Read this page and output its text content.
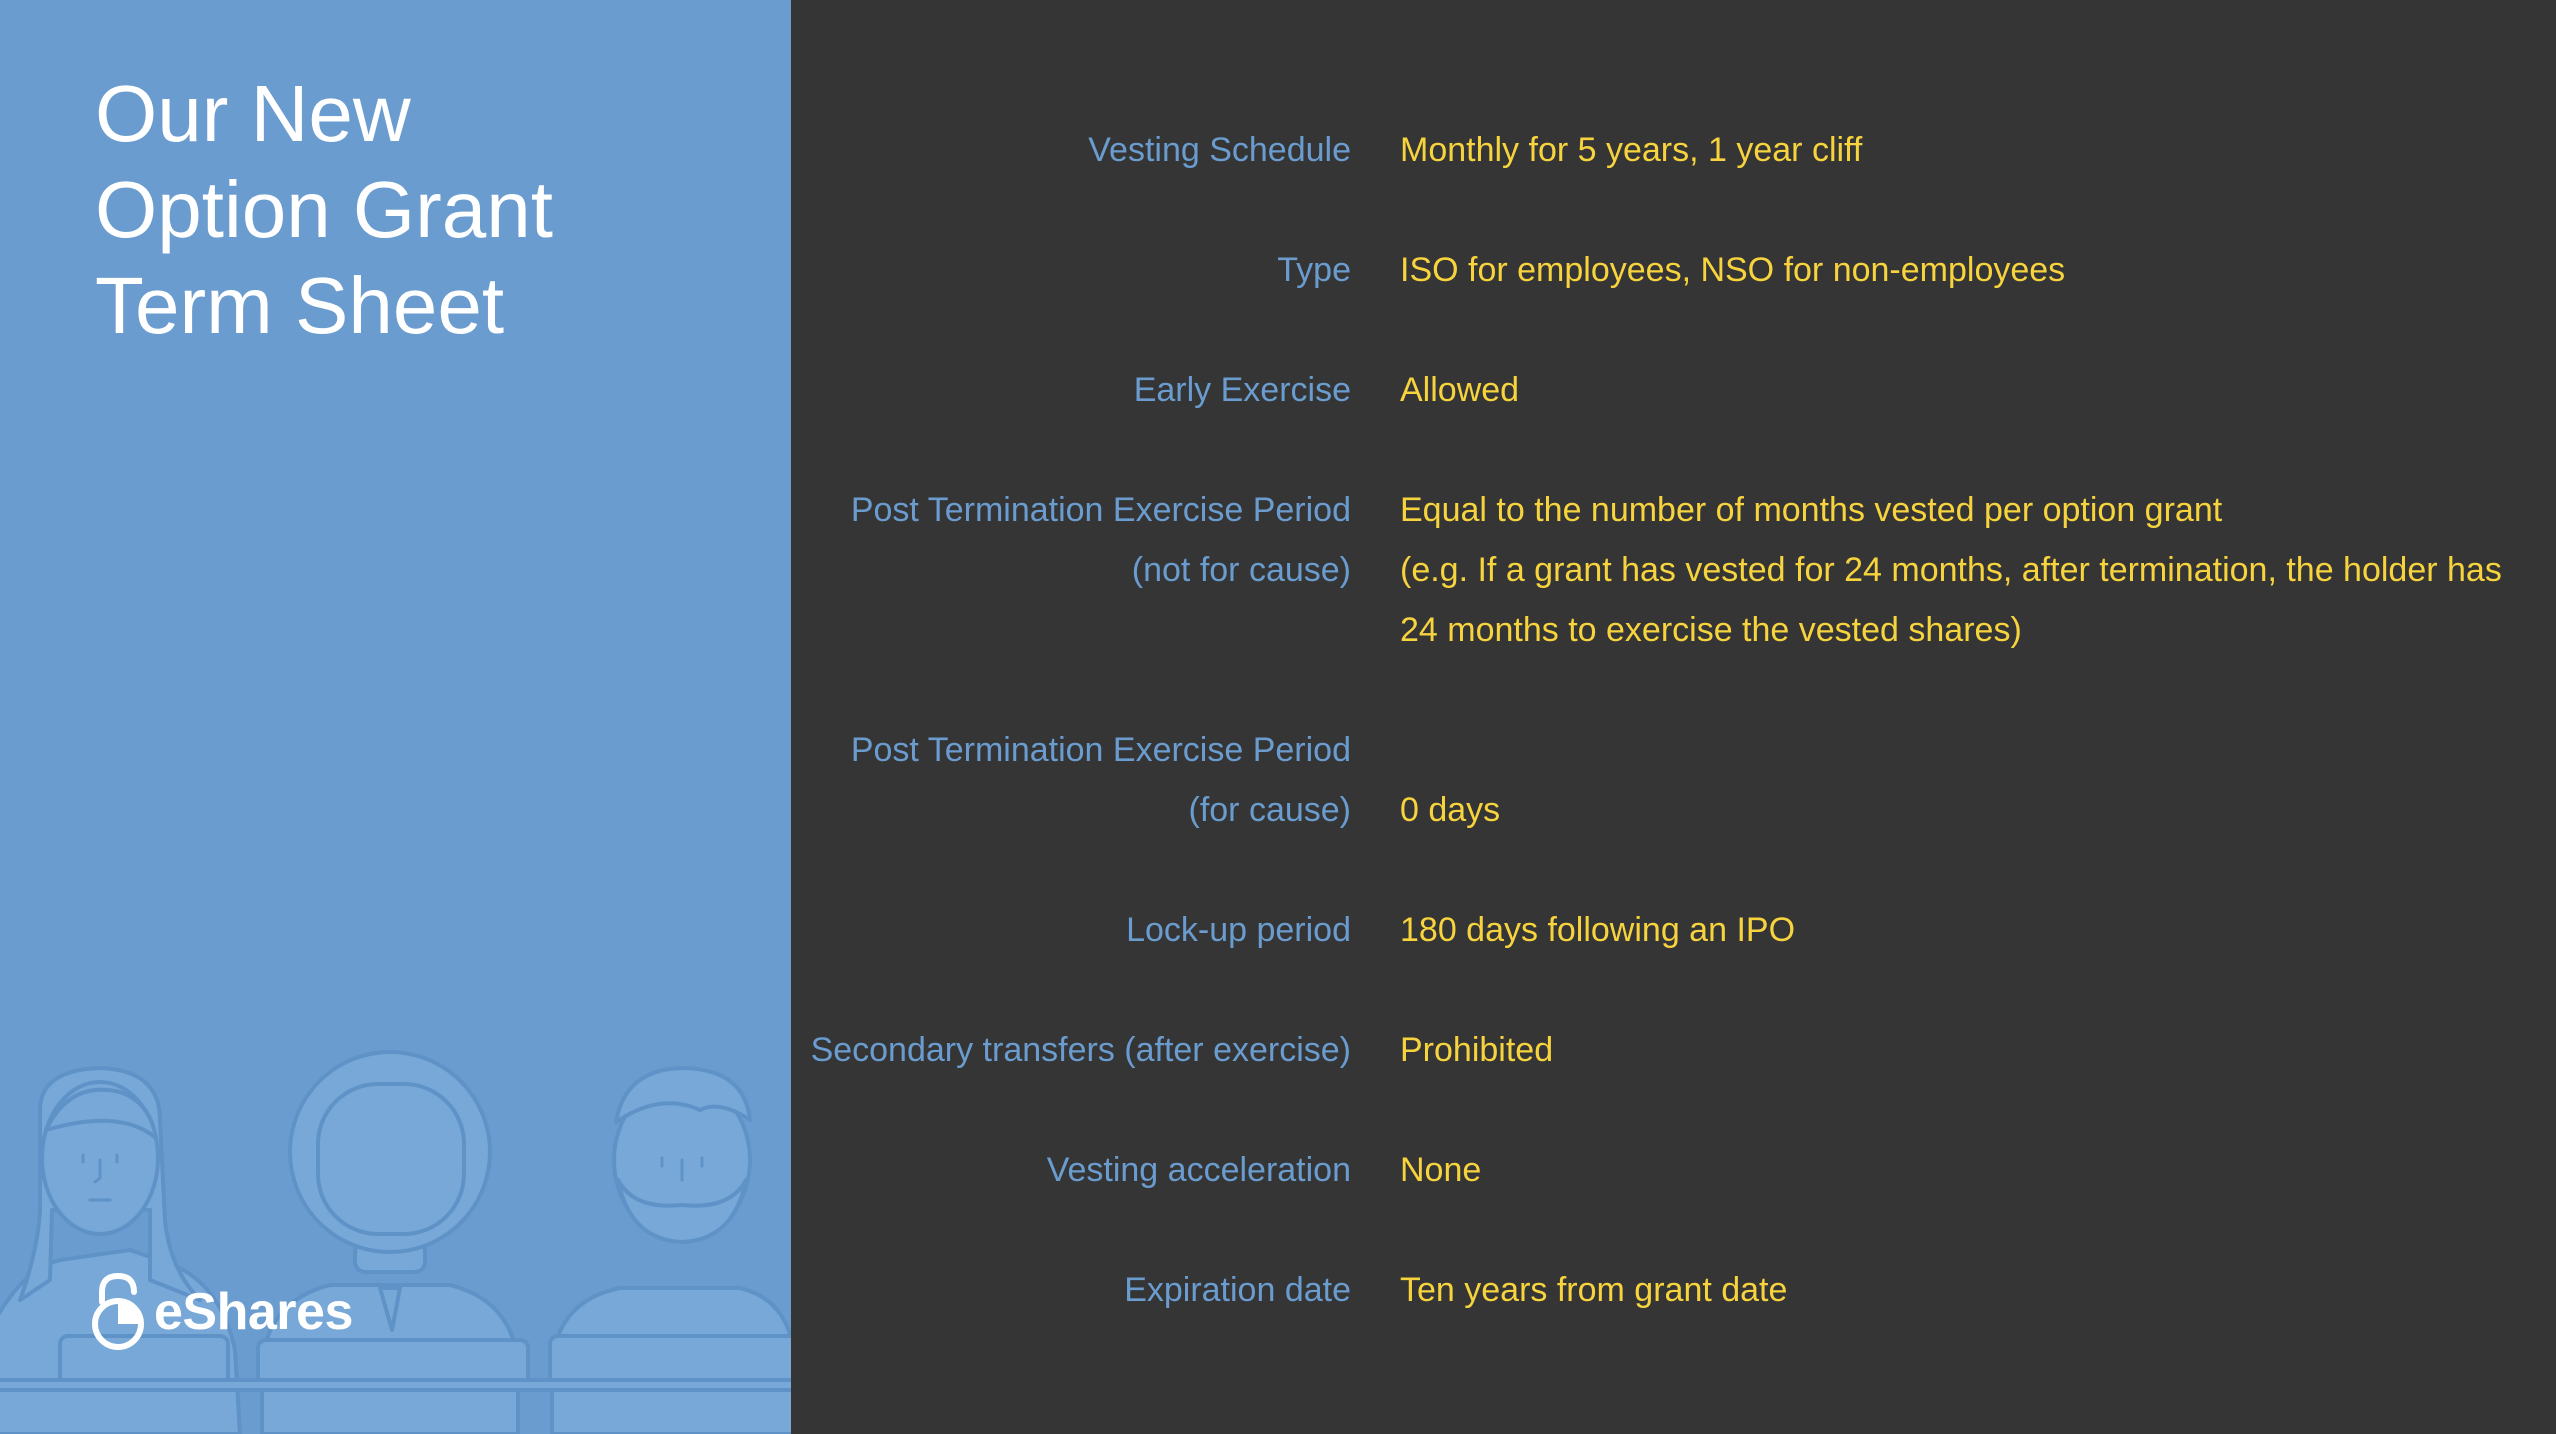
Our New
Option Grant
Term Sheet
eShares
Vesting Schedule Monthly for 5 years, 1 year cliff
Type ISO for employees, NSO for non-employees
Early Exercise Allowed
Post Termination Exercise Period
(not for cause)
Equal to the number of months vested per option grant
(e.g. If a grant has vested for 24 months, after termination, the holder has
24 months to exercise the vested shares)
Post Termination Exercise Period
(for cause) 0 days
Lock-up period 180 days following an IPO
Secondary transfers (after exercise) Prohibited
Vesting acceleration None
Expiration date Ten years from grant date
